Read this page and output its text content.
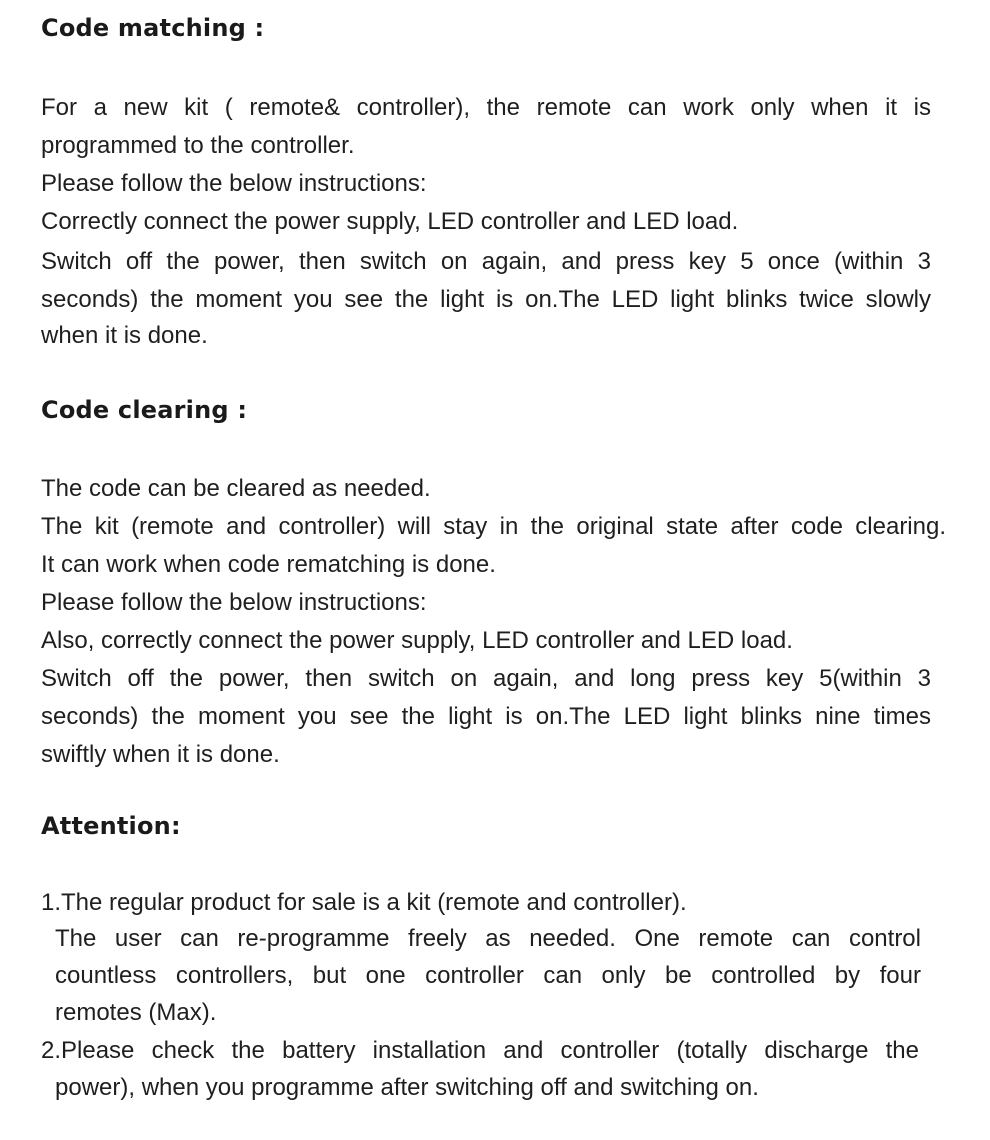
Code matching :
For a new kit ( remote& controller), the remote can work only when it is
programmed to the controller.
Please follow the below instructions:
Correctly connect the power supply, LED controller and LED load.
Switch off the power, then switch on again, and press key 5 once (within 3
seconds) the moment you see the light is on.The LED light blinks twice slowly
when it is done.
Code clearing :
The code can be cleared as needed.
The kit (remote and controller) will stay in the original state after code clearing.
It can work when code rematching is done.
Please follow the below instructions:
Also, correctly connect the power supply, LED controller and LED load.
Switch off the power, then switch on again, and long press key 5(within 3
seconds) the moment you see the light is on.The LED light blinks nine times
swiftly when it is done.
Attention:
1.The regular product for sale is a kit (remote and controller).
The user can re-programme freely as needed. One remote can control
countless controllers, but one controller can only be controlled by four
remotes (Max).
2.Please check the battery installation and controller (totally discharge the
power), when you programme after switching off and switching on.
